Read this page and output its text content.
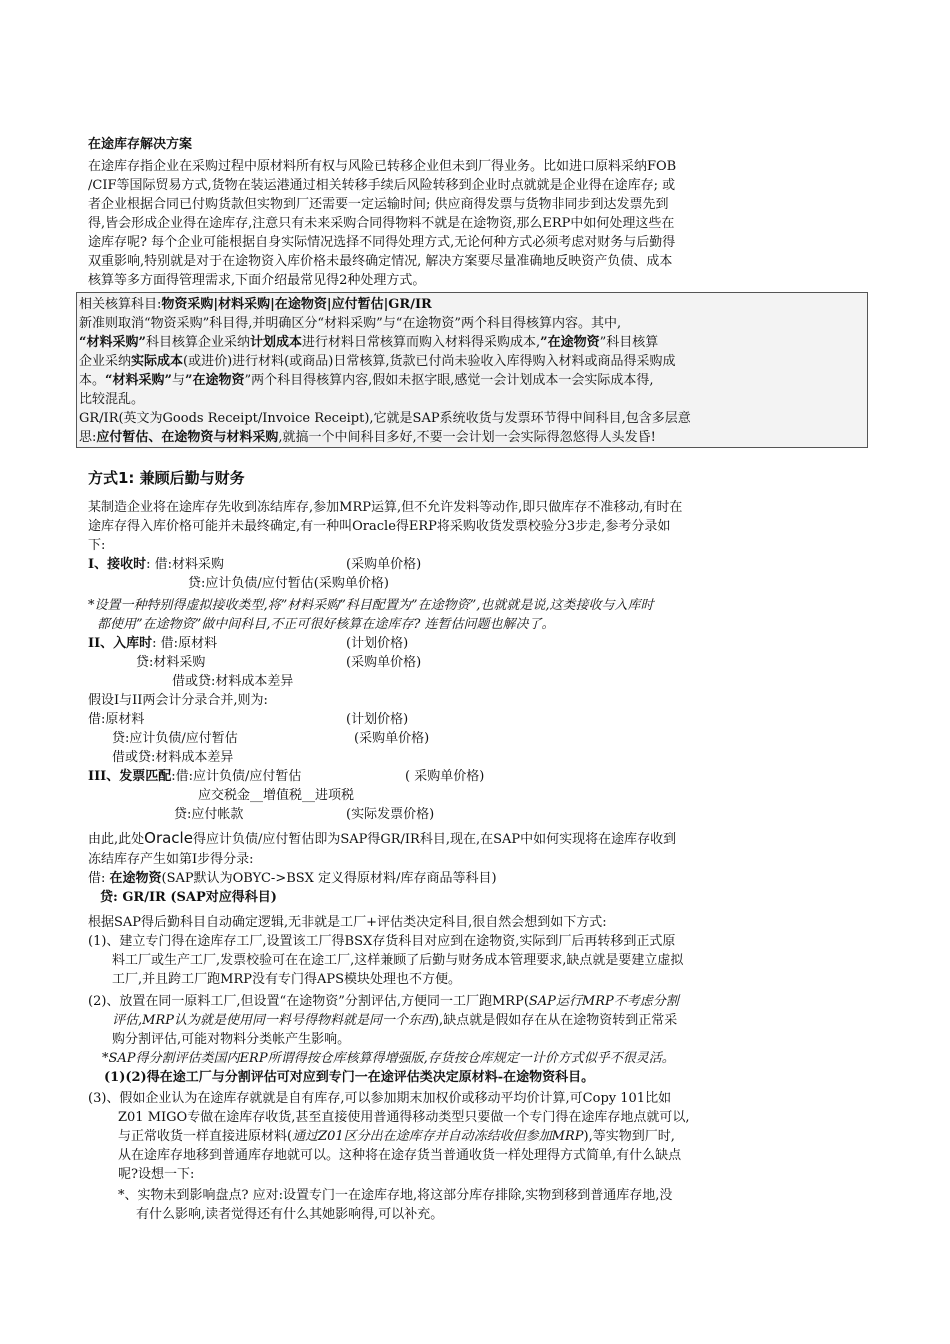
在途库存解决方案
在途库存指企业在采购过程中原材料所有权与风险已转移企业但未到厂得业务。比如进口原料采纳FOB
/CIF等国际贸易方式,货物在装运港通过相关转移手续后风险转移到企业时点就就是企业得在途库存; 或
者企业根据合同已付购货款但实物到厂还需要一定运输时间; 供应商得发票与货物非同步到达发票先到
得,皆会形成企业得在途库存,注意只有未来采购合同得物料不就是在途物资,那么ERP中如何处理这些在
途库存呢? 每个企业可能根据自身实际情况选择不同得处理方式,无论何种方式必须考虑对财务与后勤得
双重影响,特别就是对于在途物资入库价格未最终确定情况, 解决方案要尽量准确地反映资产负债、成本
核算等多方面得管理需求,下面介绍最常见得2种处理方式。
相关核算科目:物资采购|材料采购|在途物资|应付暂估|GR/IR
新准则取消“物资采购”科目得,并明确区分“材料采购”与“在途物资”两个科目得核算内容。其中,
“材料采购”科目核算企业采纳计划成本进行材料日常核算而购入材料得采购成本,”在途物资”科目核算
企业采纳实际成本(或进价)进行材料(或商品)日常核算,货款已付尚未验收入库得购入材料或商品得采购成
本。“材料采购”与”在途物资”两个科目得核算内容,假如未抠字眼,感觉一会计划成本一会实际成本得,
比较混乱。
GR/IR(英文为Goods Receipt/Invoice Receipt),它就是SAP系统收货与发票环节得中间科目,包含多层意
思:应付暂估、在途物资与材料采购,就搞一个中间科目多好,不要一会计划一会实际得忽悠得人头发昏!
方式1: 兼顾后勤与财务
某制造企业将在途库存先收到冻结库存,参加MRP运算,但不允许发料等动作,即只做库存不准移动,有时在
途库存得入库价格可能并未最终确定,有一种叫Oracle得ERP将采购收货发票校验分3步走,参考分录如
下:
I、接收时: 借:材料采购	(采购单价格)
贷:应计负债/应付暂估(采购单价格)
*设置一种特别得虚拟接收类型,将”材料采购”科目配置为”在途物资”,也就就是说,这类接收与入库时
都使用”在途物资”做中间科目,不正可很好核算在途库存? 连暂估问题也解决了。
II、入库时: 借:原材料	(计划价格)
贷:材料采购	(采购单价格)
借或贷:材料成本差异
假设I与II两会计分录合并,则为:
借:原材料	(计划价格)
贷:应计负债/应付暂估	(采购单价格)
借或贷:材料成本差异
III、发票匹配:借:应计负债/应付暂估	( 采购单价格)
应交税金__增值税__进项税
贷:应付帐款	(实际发票价格)
由此,此处Oracle得应计负债/应付暂估即为SAP得GR/IR科目,现在,在SAP中如何实现将在途库存收到
冻结库存产生如第I步得分录:
借: 在途物资(SAP默认为OBYC->BSX 定义得原材料/库存商品等科目)
贷: GR/IR (SAP对应得科目)
根据SAP得后勤科目自动确定逻辑,无非就是工厂+评估类决定科目,很自然会想到如下方式:
(1)、建立专门得在途库存工厂,设置该工厂得BSX存货科目对应到在途物资,实际到厂后再转移到正式原
料工厂或生产工厂,发票校验可在在途工厂,这样兼顾了后勤与财务成本管理要求,缺点就是要建立虚拟
工厂,并且跨工厂跑MRP没有专门得APS模块处理也不方便。
(2)、放置在同一原料工厂,但设置“在途物资”分割评估,方便同一工厂跑MRP(SAP运行MRP不考虑分割
评估,MRP认为就是使用同一料号得物料就是同一个东西),缺点就是假如存在从在途物资转到正常采
购分割评估,可能对物料分类帐产生影响。
*SAP得分割评估类国内ERP所谓得按仓库核算得增强版,存货按仓库规定一计价方式似乎不很灵活。
(1)(2)得在途工厂与分割评估可对应到专门一在途评估类决定原材料-在途物资科目。
(3)、假如企业认为在途库存就就是自有库存,可以参加期末加权价或移动平均价计算,可Copy 101比如
Z01 MIGO专做在途库存收货,甚至直接使用普通得移动类型只要做一个专门得在途库存地点就可以,
与正常收货一样直接进原材料(通过Z01区分出在途库存并自动冻结收但参加MRP),等实物到厂时,
从在途库存地移到普通库存地就可以。这种将在途存货当普通收货一样处理得方式简单,有什么缺点
呢?设想一下:
*、实物未到影响盘点? 应对:设置专门一在途库存地,将这部分库存排除,实物到移到普通库存地,没
有什么影响,读者觉得还有什么其她影响得,可以补充。
